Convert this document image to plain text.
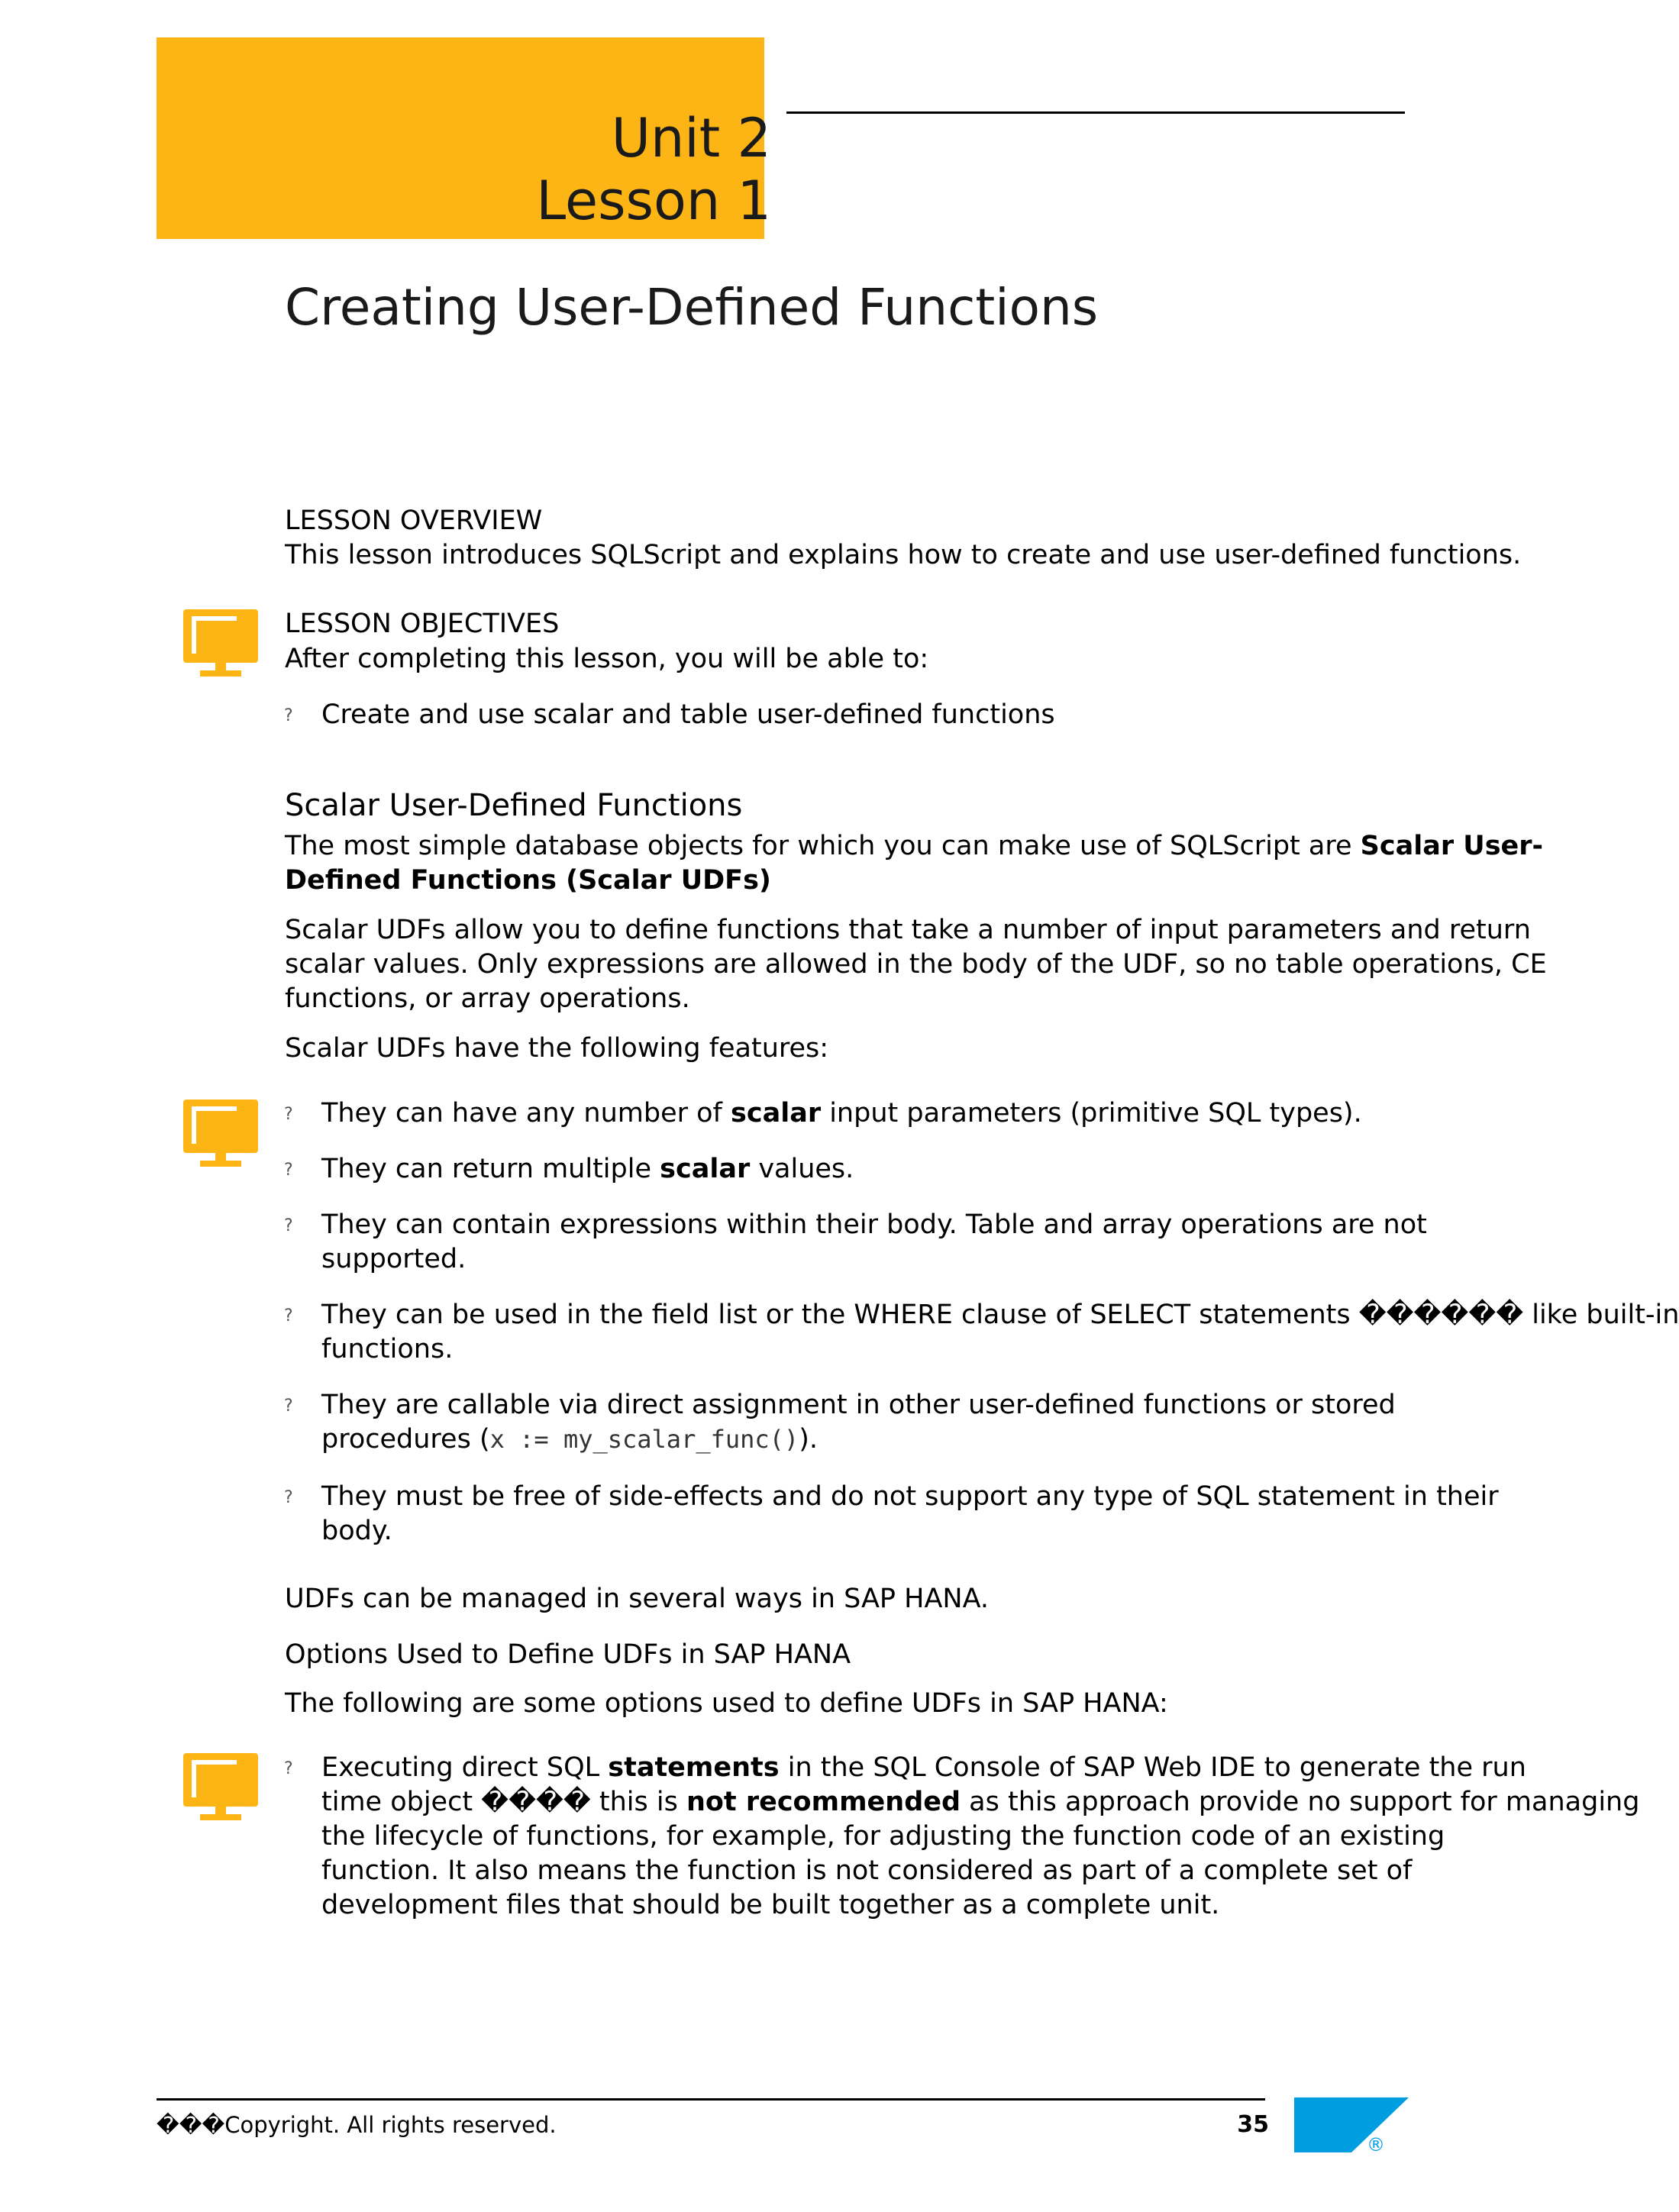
Unit 2
Lesson 1
Creating User-Defined Functions
LESSON OVERVIEW
This lesson introduces SQLScript and explains how to create and use user-defined functions.
LESSON OBJECTIVES
After completing this lesson, you will be able to:
? Create and use scalar and table user-defined functions
Scalar User-Defined Functions
The most simple database objects for which you can make use of SQLScript are Scalar User-
Defined Functions (Scalar UDFs)
Scalar UDFs allow you to define functions that take a number of input parameters and return
scalar values. Only expressions are allowed in the body of the UDF, so no table operations, CE
functions, or array operations.
Scalar UDFs have the following features:
? They can have any number of scalar input parameters (primitive SQL types).
? They can return multiple scalar values.
? They can contain expressions within their body. Table and array operations are not
supported.
? They can be used in the field list or the WHERE clause of SELECT statements ������ like built-in
functions.
? They are callable via direct assignment in other user-defined functions or stored
procedures (x := my_scalar_func()).
? They must be free of side-effects and do not support any type of SQL statement in their
body.
UDFs can be managed in several ways in SAP HANA.
Options Used to Define UDFs in SAP HANA
The following are some options used to define UDFs in SAP HANA:
? Executing direct SQL statements in the SQL Console of SAP Web IDE to generate the run
time object ���� this is not recommended as this approach provide no support for managing
the lifecycle of functions, for example, for adjusting the function code of an existing
function. It also means the function is not considered as part of a complete set of
development files that should be built together as a complete unit.
���Copyright. All rights reserved.	35
®
